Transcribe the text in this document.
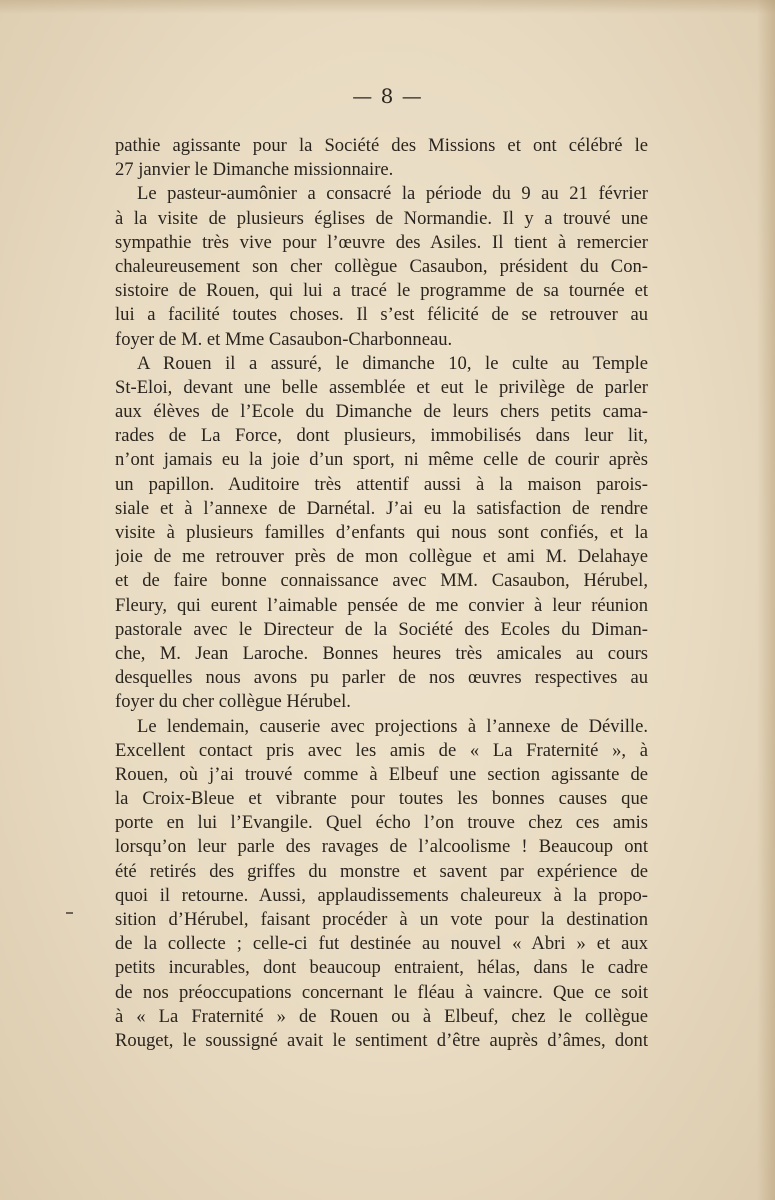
— 8 —
pathie agissante pour la Société des Missions et ont célébré le
27 janvier le Dimanche missionnaire.
Le pasteur-aumônier a consacré la période du 9 au 21 février
à la visite de plusieurs églises de Normandie. Il y a trouvé une
sympathie très vive pour l’œuvre des Asiles. Il tient à remercier
chaleureusement son cher collègue Casaubon, président du Con-
sistoire de Rouen, qui lui a tracé le programme de sa tournée et
lui a facilité toutes choses. Il s’est félicité de se retrouver au
foyer de M. et Mme Casaubon-Charbonneau.
A Rouen il a assuré, le dimanche 10, le culte au Temple
St-Eloi, devant une belle assemblée et eut le privilège de parler
aux élèves de l’Ecole du Dimanche de leurs chers petits cama-
rades de La Force, dont plusieurs, immobilisés dans leur lit,
n’ont jamais eu la joie d’un sport, ni même celle de courir après
un papillon. Auditoire très attentif aussi à la maison parois-
siale et à l’annexe de Darnétal. J’ai eu la satisfaction de rendre
visite à plusieurs familles d’enfants qui nous sont confiés, et la
joie de me retrouver près de mon collègue et ami M. Delahaye
et de faire bonne connaissance avec MM. Casaubon, Hérubel,
Fleury, qui eurent l’aimable pensée de me convier à leur réunion
pastorale avec le Directeur de la Société des Ecoles du Diman-
che, M. Jean Laroche. Bonnes heures très amicales au cours
desquelles nous avons pu parler de nos œuvres respectives au
foyer du cher collègue Hérubel.
Le lendemain, causerie avec projections à l’annexe de Déville.
Excellent contact pris avec les amis de « La Fraternité », à
Rouen, où j’ai trouvé comme à Elbeuf une section agissante de
la Croix-Bleue et vibrante pour toutes les bonnes causes que
porte en lui l’Evangile. Quel écho l’on trouve chez ces amis
lorsqu’on leur parle des ravages de l’alcoolisme ! Beaucoup ont
été retirés des griffes du monstre et savent par expérience de
quoi il retourne. Aussi, applaudissements chaleureux à la propo-
sition d’Hérubel, faisant procéder à un vote pour la destination
de la collecte ; celle-ci fut destinée au nouvel « Abri » et aux
petits incurables, dont beaucoup entraient, hélas, dans le cadre
de nos préoccupations concernant le fléau à vaincre. Que ce soit
à « La Fraternité » de Rouen ou à Elbeuf, chez le collègue
Rouget, le soussigné avait le sentiment d’être auprès d’âmes, dont
